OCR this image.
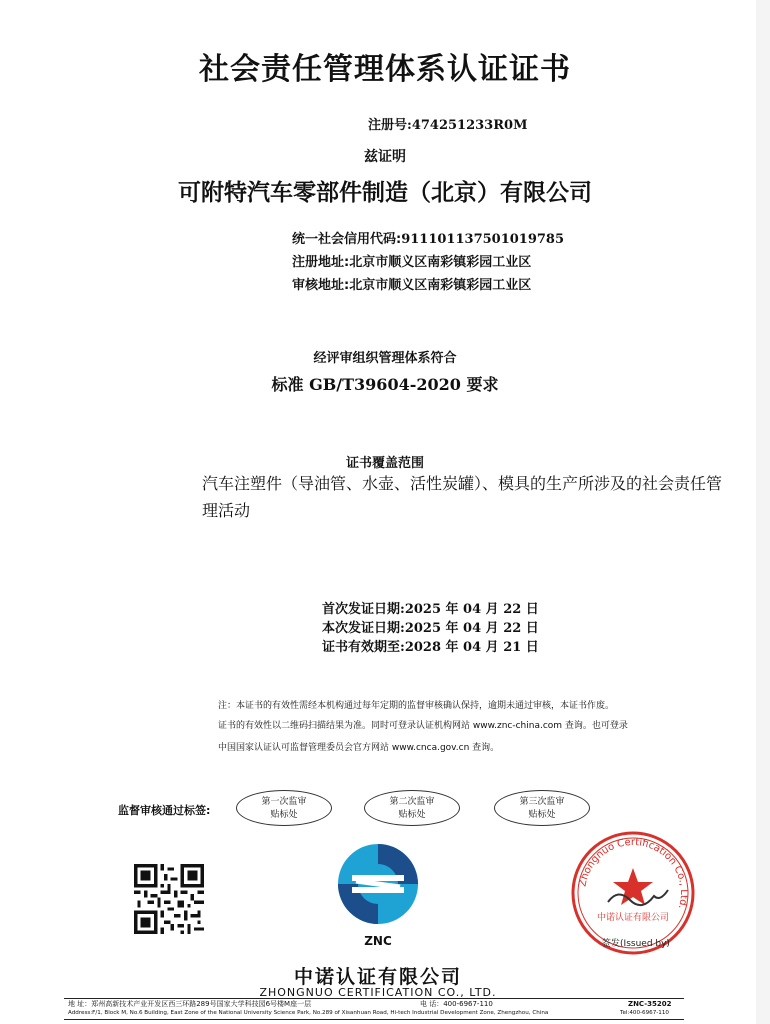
社会责任管理体系认证证书
注册号:474251233R0M
兹证明
可附特汽车零部件制造（北京）有限公司
统一社会信用代码:911101137501019785
注册地址:北京市顺义区南彩镇彩园工业区
审核地址:北京市顺义区南彩镇彩园工业区
经评审组织管理体系符合
标准 GB/T39604-2020 要求
证书覆盖范围
汽车注塑件（导油管、水壶、活性炭罐）、模具的生产所涉及的社会责任管理活动
首次发证日期:2025 年 04 月 22 日
本次发证日期:2025 年 04 月 22 日
证书有效期至:2028 年 04 月 21 日
注：本证书的有效性需经本机构通过每年定期的监督审核确认保持，逾期未通过审核，本证书作废。
证书的有效性以二维码扫描结果为准。同时可登录认证机构网站 www.znc-china.com 查询。也可登录
中国国家认证认可监督管理委员会官方网站 www.cnca.gov.cn 查询。
监督审核通过标签:
第一次监审
贴标处
第二次监审
贴标处
第三次监审
贴标处
ZNC
中诺认证有限公司
ZHONGNUO CERTIFICATION CO., LTD.
地 址：郑州高新技术产业开发区西三环路289号国家大学科技园6号楼M座一层	电 话：400-6967-110	ZNC-35202
Address:F/1, Block M, No.6 Building, East Zone of the National University Science Park, No.289 of Xisanhuan Road, Hi-tech Industrial Development Zone, Zhengzhou, China	Tel:400-6967-110
Zhongnuo Certification Co., Ltd.
中诺认证有限公司
签发(Issued by)
